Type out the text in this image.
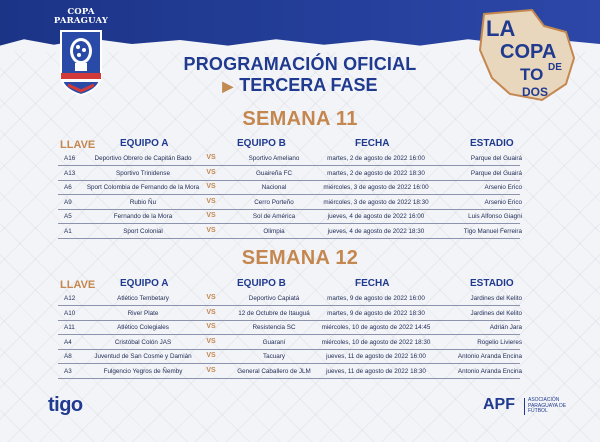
COPA PARAGUAY	LA
COPA
DE
TO
DOS
PROGRAMACIÓN OFICIAL
▶ TERCERA FASE
SEMANA 11
LLAVE EQUIPO A	EQUIPO B	FECHA	ESTADIO
A16	Deportivo Obrero de Capitán Bado	VS	Sportivo Ameliano	martes, 2 de agosto de 2022 16:00	Parque del Guairá
A13	Sportivo Trinidense	VS	Guaireña FC	martes, 2 de agosto de 2022 18:30	Parque del Guairá
A6	Sport Colombia de Fernando de la Mora	VS	Nacional	miércoles, 3 de agosto de 2022 16:00	Arsenio Erico
A9	Rubio Ñu	VS	Cerro Porteño	miércoles, 3 de agosto de 2022 18:30	Arsenio Erico
A5	Fernando de la Mora	VS	Sol de América	jueves, 4 de agosto de 2022 16:00	Luis Alfonso Giagni
A1	Sport Colonial	VS	Olimpia	jueves, 4 de agosto de 2022 18:30	Tigo Manuel Ferreira
SEMANA 12
LLAVE EQUIPO A	EQUIPO B	FECHA	ESTADIO
A12	Atlético Tembetary	VS	Deportivo Capiatá	martes, 9 de agosto de 2022 16:00	Jardines del Kelito
A10	River Plate	VS	12 de Octubre de Itauguá	martes, 9 de agosto de 2022 18:30	Jardines del Kelito
A11	Atlético Colegiales	VS	Resistencia SC	miércoles, 10 de agosto de 2022 14:45	Adrián Jara
A4	Cristóbal Colón JAS	VS	Guaraní	miércoles, 10 de agosto de 2022 18:30	Rogelio Livieres
A8	Juventud de San Cosme y Damián	VS	Tacuary	jueves, 11 de agosto de 2022 16:00	Antonio Aranda Encina
A3	Fulgencio Yegros de Ñemby	VS	General Caballero de JLM	jueves, 11 de agosto de 2022 18:30	Antonio Aranda Encina
tigo	APF	ASOCIACIÓN PARAGUAYA DE FÚTBOL
